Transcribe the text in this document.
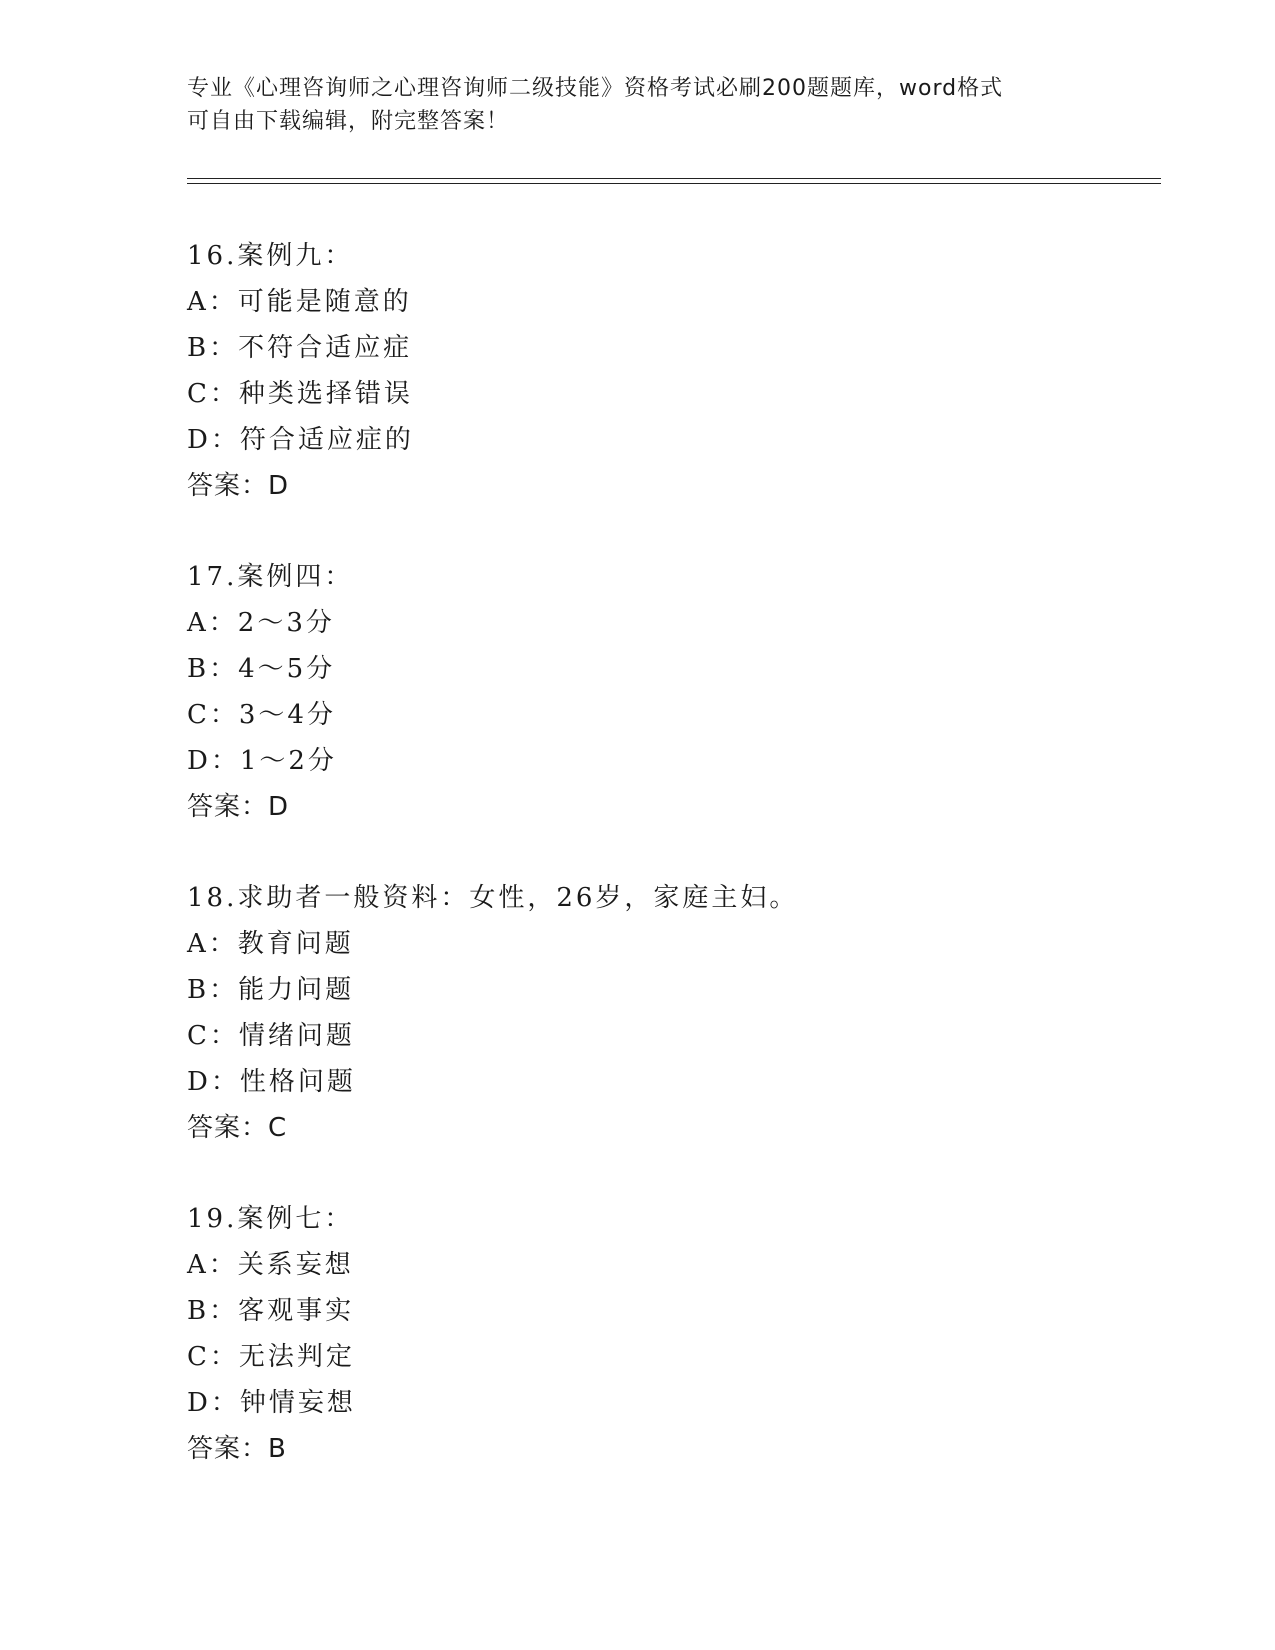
专业《心理咨询师之心理咨询师二级技能》资格考试必刷200题题库，word格式
可自由下载编辑，附完整答案！
16.案例九：
A：可能是随意的
B：不符合适应症
C：种类选择错误
D：符合适应症的
答案：D
17.案例四：
A：2～3分
B：4～5分
C：3～4分
D：1～2分
答案：D
18.求助者一般资料：女性，26岁，家庭主妇。
A：教育问题
B：能力问题
C：情绪问题
D：性格问题
答案：C
19.案例七：
A：关系妄想
B：客观事实
C：无法判定
D：钟情妄想
答案：B
